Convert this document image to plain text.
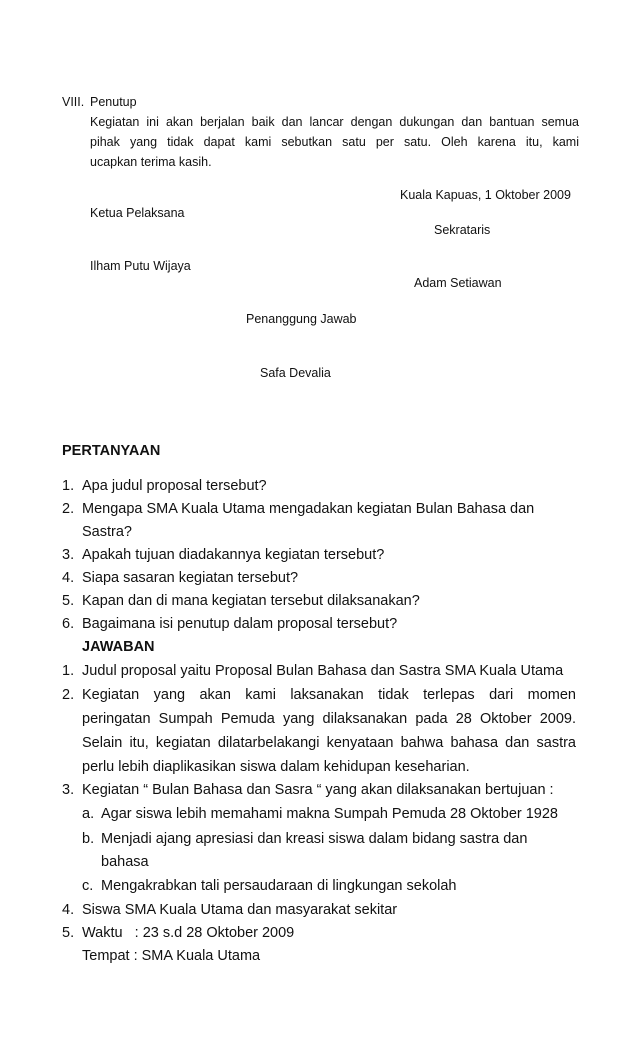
VIII. Penutup
Kegiatan ini akan berjalan baik dan lancar dengan dukungan dan bantuan semua
pihak yang tidak dapat kami sebutkan satu per satu. Oleh karena itu, kami
ucapkan terima kasih.
Kuala Kapuas, 1 Oktober 2009
Ketua Pelaksana
Sekrataris
Ilham Putu Wijaya
Adam Setiawan
Penanggung Jawab
Safa Devalia
PERTANYAAN
1. Apa judul proposal tersebut?
2. Mengapa SMA Kuala Utama mengadakan kegiatan Bulan Bahasa dan
Sastra?
3. Apakah tujuan diadakannya kegiatan tersebut?
4. Siapa sasaran kegiatan tersebut?
5. Kapan dan di mana kegiatan tersebut dilaksanakan?
6. Bagaimana isi penutup dalam proposal tersebut?
JAWABAN
1. Judul proposal yaitu Proposal Bulan Bahasa dan Sastra SMA Kuala Utama
2. Kegiatan yang akan kami laksanakan tidak terlepas dari momen
peringatan Sumpah Pemuda yang dilaksanakan pada 28 Oktober 2009.
Selain itu, kegiatan dilatarbelakangi kenyataan bahwa bahasa dan sastra
perlu lebih diaplikasikan siswa dalam kehidupan keseharian.
3. Kegiatan “ Bulan Bahasa dan Sasra “ yang akan dilaksanakan bertujuan :
a. Agar siswa lebih memahami makna Sumpah Pemuda 28 Oktober 1928
b. Menjadi ajang apresiasi dan kreasi siswa dalam bidang sastra dan
bahasa
c. Mengakrabkan tali persaudaraan di lingkungan sekolah
4. Siswa SMA Kuala Utama dan masyarakat sekitar
5. Waktu   : 23 s.d 28 Oktober 2009
Tempat : SMA Kuala Utama
